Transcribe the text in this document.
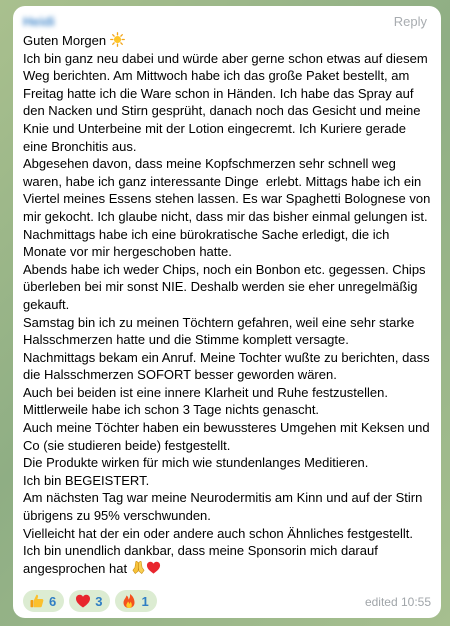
Heidi	Reply
Guten Morgen
Ich bin ganz neu dabei und würde aber gerne schon etwas auf diesem Weg berichten. Am Mittwoch habe ich das große Paket bestellt, am Freitag hatte ich die Ware schon in Händen. Ich habe das Spray auf den Nacken und Stirn gesprüht, danach noch das Gesicht und meine Knie und Unterbeine mit der Lotion eingecremt. Ich Kuriere gerade eine Bronchitis aus.
Abgesehen davon, dass meine Kopfschmerzen sehr schnell weg waren, habe ich ganz interessante Dinge  erlebt. Mittags habe ich ein Viertel meines Essens stehen lassen. Es war Spaghetti Bolognese von mir gekocht. Ich glaube nicht, dass mir das bisher einmal gelungen ist. Nachmittags habe ich eine bürokratische Sache erledigt, die ich Monate vor mir hergeschoben hatte.
Abends habe ich weder Chips, noch ein Bonbon etc. gegessen. Chips überleben bei mir sonst NIE. Deshalb werden sie eher unregelmäßig gekauft.
Samstag bin ich zu meinen Töchtern gefahren, weil eine sehr starke Halsschmerzen hatte und die Stimme komplett versagte.
Nachmittags bekam ein Anruf. Meine Tochter wußte zu berichten, dass die Halsschmerzen SOFORT besser geworden wären.
Auch bei beiden ist eine innere Klarheit und Ruhe festzustellen.
Mittlerweile habe ich schon 3 Tage nichts genascht.
Auch meine Töchter haben ein bewussteres Umgehen mit Keksen und Co (sie studieren beide) festgestellt.
Die Produkte wirken für mich wie stundenlanges Meditieren.
Ich bin BEGEISTERT.
Am nächsten Tag war meine Neurodermitis am Kinn und auf der Stirn übrigens zu 95% verschwunden.
Vielleicht hat der ein oder andere auch schon Ähnliches festgestellt.
Ich bin unendlich dankbar, dass meine Sponsorin mich darauf angesprochen hat
6	3	1	edited 10:55
